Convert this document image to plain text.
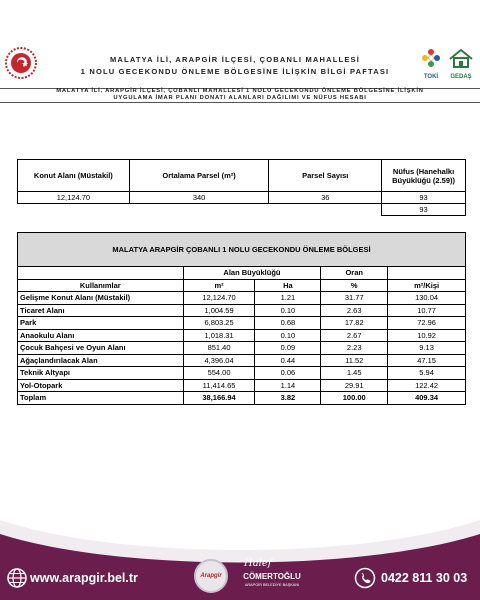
MALATYA İLİ, ARAPGİR İLÇESİ, ÇOBANLI MAHALLESİ
1 NOLU GECEKONDU ÖNLEME BÖLGESİNE İLİŞKİN BİLGİ PAFTASI
TOKİ	GEDAŞ
MALATYA İLİ, ARAPGİR İLÇESİ, ÇOBANLI MAHALLESİ 1 NOLU GECEKONDU ÖNLEME BÖLGESİNE İLİŞKİN
UYGULAMA İMAR PLANI DONATI ALANLARI DAĞILIMI VE NÜFUS HESABI
Konut Alanı (Müstakil)	Ortalama Parsel (m²)	Parsel Sayısı	Nüfus (Hanehalkı Büyüklüğü (2.59))
12,124.70	340	36	93
			93
MALATYA ARAPGİR ÇOBANLI 1 NOLU GECEKONDU ÖNLEME BÖLGESİ				
	Alan Büyüklüğü		Oran	
Kullanımlar	m²	Ha	%	m²/Kişi
Gelişme Konut Alanı (Müstakil)	12,124.70	1.21	31.77	130.04
Ticaret Alanı	1,004.59	0.10	2.63	10.77
Park	6,803.25	0.68	17.82	72.96
Anaokulu Alanı	1,018.31	0.10	2.67	10.92
Çocuk Bahçesi ve Oyun Alanı	851.40	0.09	2.23	9.13
Ağaçlandırılacak Alan	4,396.04	0.44	11.52	47.15
Teknik Altyapı	554.00	0.06	1.45	5.94
Yol-Otopark	11,414.65	1.14	29.91	122.42
Toplam	38,166.94	3.82	100.00	409.34
www.arapgir.bel.tr	Arapgir
Halef
CÖMERTOĞLU
ARAPGİR BELEDİYE BAŞKANI	0422 811 30 03
